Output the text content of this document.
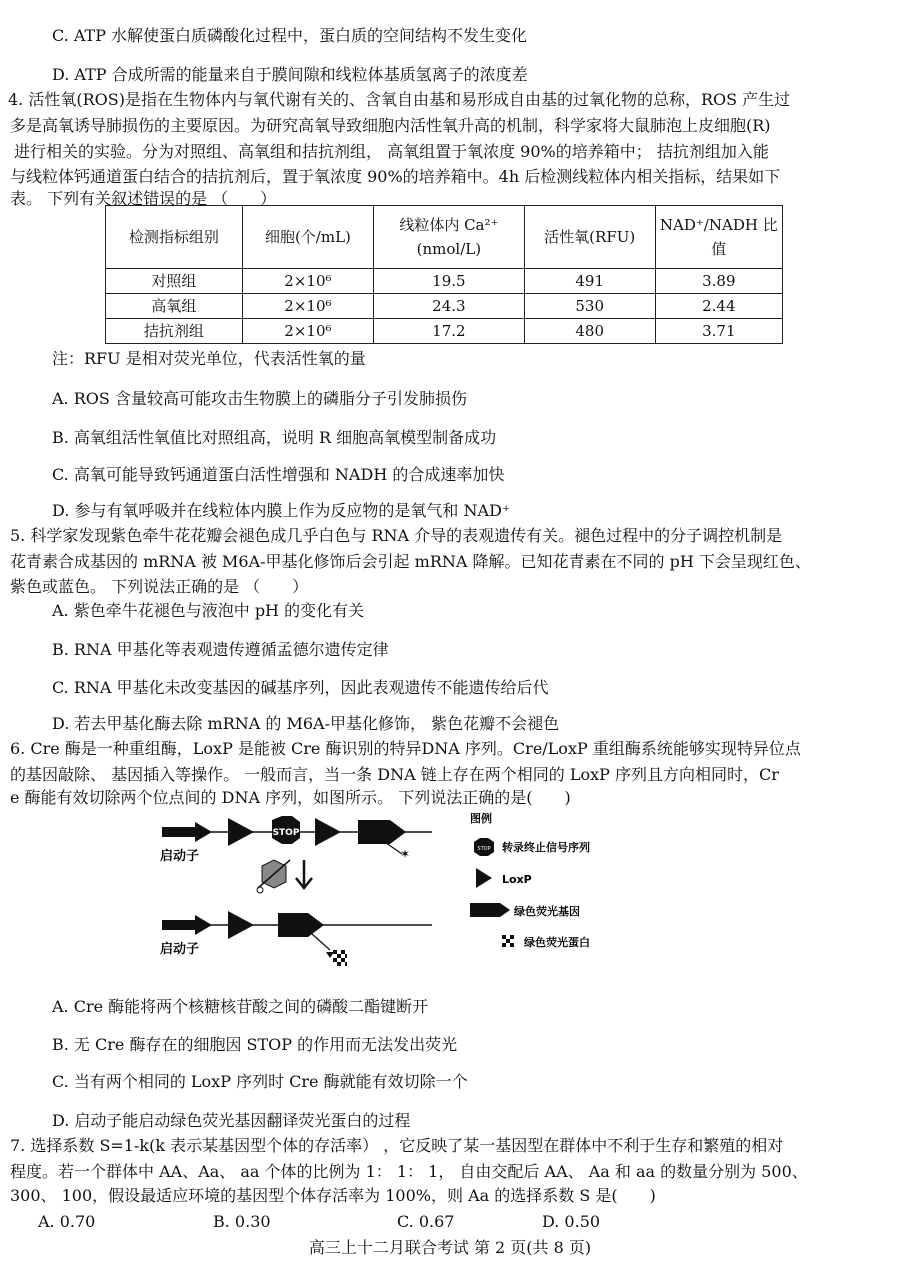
C. ATP 水解使蛋白质磷酸化过程中，蛋白质的空间结构不发生变化
D. ATP 合成所需的能量来自于膜间隙和线粒体基质氢离子的浓度差
4. 活性氧(ROS)是指在生物体内与氧代谢有关的、含氧自由基和易形成自由基的过氧化物的总称，ROS 产生过
多是高氧诱导肺损伤的主要原因。为研究高氧导致细胞内活性氧升高的机制，科学家将大鼠肺泡上皮细胞(R)
进行相关的实验。分为对照组、高氧组和拮抗剂组， 高氧组置于氧浓度 90%的培养箱中； 拮抗剂组加入能
与线粒体钙通道蛋白结合的拮抗剂后，置于氧浓度 90%的培养箱中。4h 后检测线粒体内相关指标，结果如下
表。 下列有关叙述错误的是 （　　）
检测指标组别	细胞(个/mL)	线粒体内 Ca²⁺ (nmol/L)	活性氧(RFU)	NAD⁺/NADH 比值
对照组	2×10⁶	19.5	491	3.89
高氧组	2×10⁶	24.3	530	2.44
拮抗剂组	2×10⁶	17.2	480	3.71
注：RFU 是相对荧光单位，代表活性氧的量
A. ROS 含量较高可能攻击生物膜上的磷脂分子引发肺损伤
B. 高氧组活性氧值比对照组高，说明 R 细胞高氧模型制备成功
C. 高氧可能导致钙通道蛋白活性增强和 NADH 的合成速率加快
D. 参与有氧呼吸并在线粒体内膜上作为反应物的是氧气和 NAD⁺
5. 科学家发现紫色牵牛花花瓣会褪色成几乎白色与 RNA 介导的表观遗传有关。褪色过程中的分子调控机制是
花青素合成基因的 mRNA 被 M6A-甲基化修饰后会引起 mRNA 降解。已知花青素在不同的 pH 下会呈现红色、
紫色或蓝色。 下列说法正确的是 （　　）
A. 紫色牵牛花褪色与液泡中 pH 的变化有关
B. RNA 甲基化等表观遗传遵循孟德尔遗传定律
C. RNA 甲基化未改变基因的碱基序列，因此表观遗传不能遗传给后代
D. 若去甲基化酶去除 mRNA 的 M6A-甲基化修饰， 紫色花瓣不会褪色
6. Cre 酶是一种重组酶，LoxP 是能被 Cre 酶识别的特异DNA 序列。Cre/LoxP 重组酶系统能够实现特异位点
的基因敲除、 基因插入等操作。 一般而言，当一条 DNA 链上存在两个相同的 LoxP 序列且方向相同时，Cr
e 酶能有效切除两个位点间的 DNA 序列，如图所示。 下列说法正确的是(　　)
启动子
STOP
✶
启动子
图例
STOP 转录终止信号序列
LoxP
绿色荧光基因
绿色荧光蛋白
A. Cre 酶能将两个核糖核苷酸之间的磷酸二酯键断开
B. 无 Cre 酶存在的细胞因 STOP 的作用而无法发出荧光
C. 当有两个相同的 LoxP 序列时 Cre 酶就能有效切除一个
D. 启动子能启动绿色荧光基因翻译荧光蛋白的过程
7. 选择系数 S=1-k(k 表示某基因型个体的存活率） ，它反映了某一基因型在群体中不利于生存和繁殖的相对
程度。若一个群体中 AA、Aa、 aa 个体的比例为 1： 1： 1， 自由交配后 AA、 Aa 和 aa 的数量分别为 500、
300、 100，假设最适应环境的基因型个体存活率为 100%，则 Aa 的选择系数 S 是(　　)
A. 0.70	B. 0.30	C. 0.67	D. 0.50
高三上十二月联合考试 第 2 页(共 8 页)
